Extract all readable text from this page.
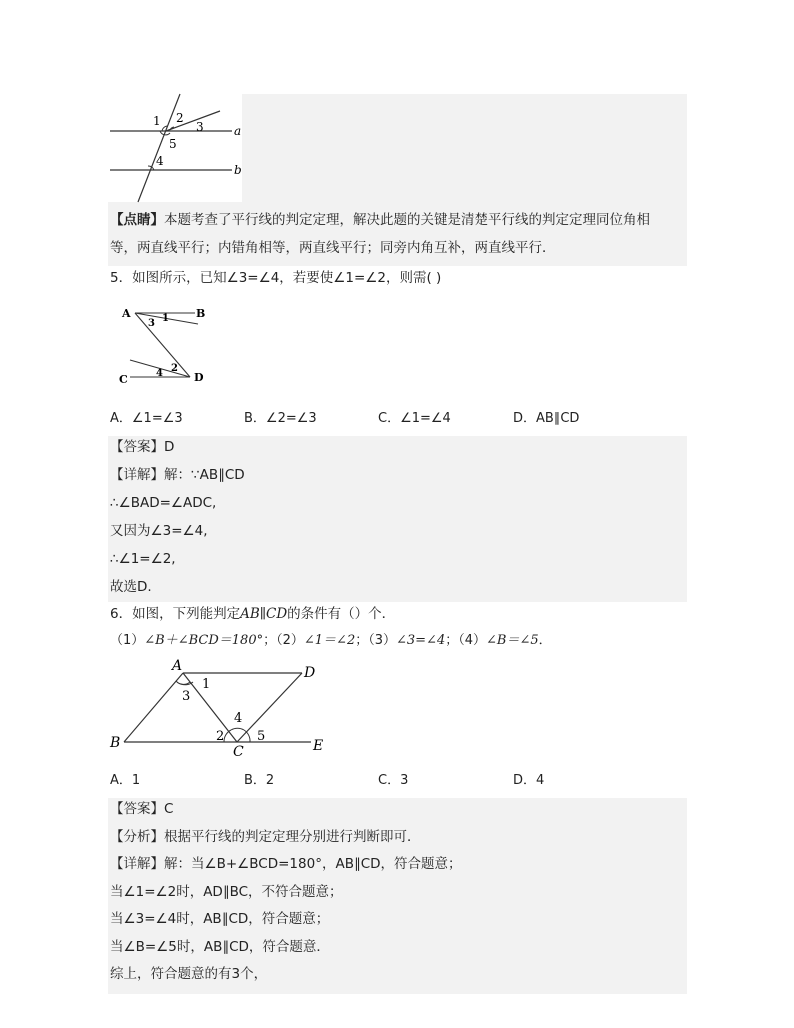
1 2
3
5
4
a
b
【点睛】本题考查了平行线的判定定理，解决此题的关键是清楚平行线的判定定理同位角相
等，两直线平行；内错角相等，两直线平行；同旁内角互补，两直线平行．
5．如图所示，已知∠3=∠4，若要使∠1=∠2，则需( )
A	B
C	D
1
3
2
4
A．∠1=∠3	B．∠2=∠3	C．∠1=∠4	D．AB∥CD
【答案】D
【详解】解：∵AB∥CD
∴∠BAD=∠ADC,
又因为∠3=∠4,
∴∠1=∠2,
故选D.
6．如图，下列能判定AB∥CD的条件有（）个．
（1）∠B＋∠BCD＝180°；（2）∠1＝∠2；（3）∠3=∠4；（4）∠B＝∠5．
A	D
B
C	E
1
3
4
2	5
A．1	B．2	C．3	D．4
【答案】C
【分析】根据平行线的判定定理分别进行判断即可．
【详解】解：当∠B+∠BCD=180°，AB∥CD，符合题意；
当∠1=∠2时，AD∥BC，不符合题意；
当∠3=∠4时，AB∥CD，符合题意；
当∠B=∠5时，AB∥CD，符合题意．
综上，符合题意的有3个，
